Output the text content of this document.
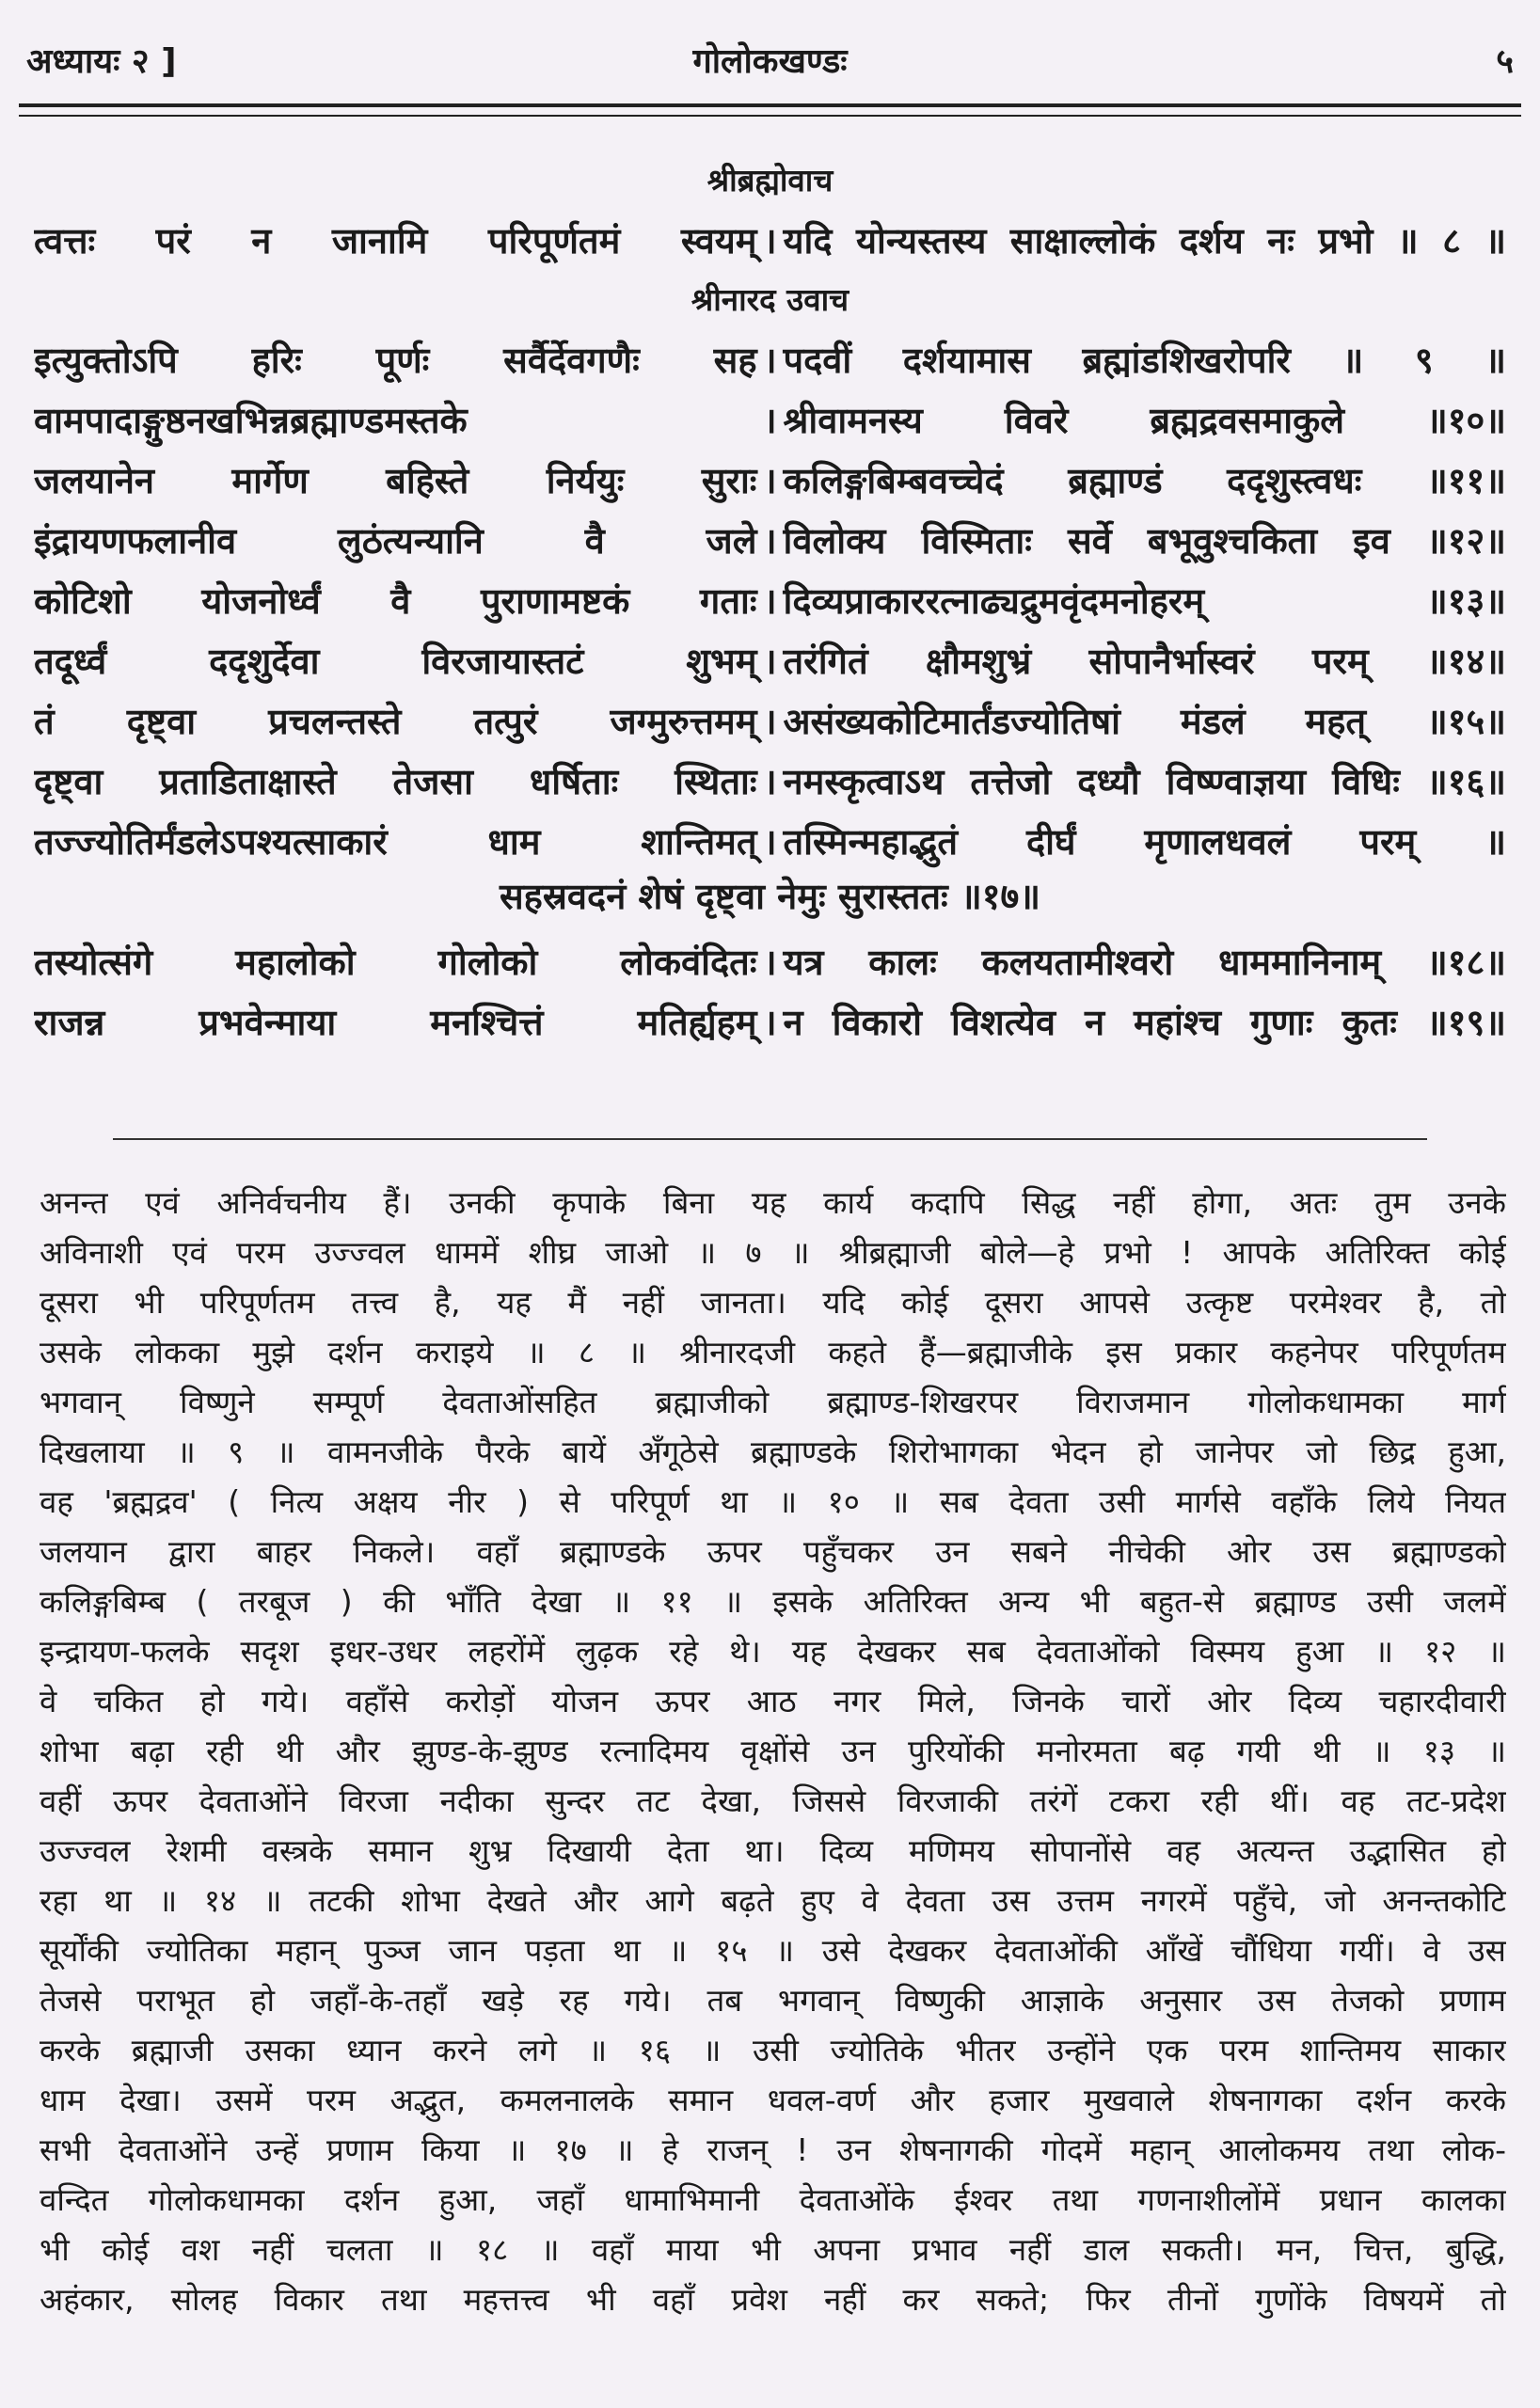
अध्यायः २ ]	गोलोकखण्डः	५
श्रीब्रह्मोवाच
त्वत्तः परं न जानामि परिपूर्णतमं स्वयम् । यदि योन्यस्तस्य साक्षाल्लोकं दर्शय नः प्रभो ॥ ८ ॥
श्रीनारद उवाच
इत्युक्तोऽपि हरिः पूर्णः सर्वैर्देवगणैः सह । पदवीं दर्शयामास ब्रह्मांडशिखरोपरि ॥ ९ ॥
वामपादाङ्गुष्ठनखभिन्नब्रह्माण्डमस्तके	। श्रीवामनस्य विवरे ब्रह्मद्रवसमाकुले ॥१०॥
जलयानेन मार्गेण बहिस्ते निर्ययुः सुराः । कलिङ्गबिम्बवच्चेदं ब्रह्माण्डं ददृशुस्त्वधः ॥११॥
इंद्रायणफलानीव लुठंत्यन्यानि वै जले । विलोक्य विस्मिताः सर्वे बभूवुश्चकिता इव ॥१२॥
कोटिशो योजनोर्ध्वं वै पुराणामष्टकं गताः । दिव्यप्राकाररत्नाढ्यद्रुमवृंदमनोहरम् ॥१३॥
तदूर्ध्वं ददृशुर्देवा विरजायास्तटं शुभम् । तरंगितं क्षौमशुभ्रं सोपानैर्भास्वरं परम् ॥१४॥
तं दृष्ट्वा प्रचलन्तस्ते तत्पुरं जग्मुरुत्तमम् । असंख्यकोटिमार्तंडज्योतिषां मंडलं महत् ॥१५॥
दृष्ट्वा प्रताडिताक्षास्ते तेजसा धर्षिताः स्थिताः । नमस्कृत्वाऽथ तत्तेजो दध्यौ विष्ण्वाज्ञया विधिः ॥१६॥
तज्ज्योतिर्मंडलेऽपश्यत्साकारं धाम शान्तिमत् । तस्मिन्महाद्भुतं दीर्घं मृणालधवलं परम् ॥
सहस्रवदनं शेषं दृष्ट्वा नेमुः सुरास्ततः ॥१७॥
तस्योत्संगे महालोको गोलोको लोकवंदितः । यत्र कालः कलयतामीश्वरो धाममानिनाम् ॥१८॥
राजन्न प्रभवेन्माया मनश्चित्तं मतिर्ह्यहम् । न विकारो विशत्येव न महांश्च गुणाः कुतः ॥१९॥
अनन्त एवं अनिर्वचनीय हैं। उनकी कृपाके बिना यह कार्य कदापि सिद्ध नहीं होगा, अतः तुम उनके
अविनाशी एवं परम उज्ज्वल धाममें शीघ्र जाओ ॥ ७ ॥ श्रीब्रह्माजी बोले—हे प्रभो ! आपके अतिरिक्त कोई
दूसरा भी परिपूर्णतम तत्त्व है, यह मैं नहीं जानता। यदि कोई दूसरा आपसे उत्कृष्ट परमेश्वर है, तो
उसके लोकका मुझे दर्शन कराइये ॥ ८ ॥ श्रीनारदजी कहते हैं—ब्रह्माजीके इस प्रकार कहनेपर परिपूर्णतम
भगवान् विष्णुने सम्पूर्ण देवताओंसहित ब्रह्माजीको ब्रह्माण्ड-शिखरपर विराजमान गोलोकधामका मार्ग
दिखलाया ॥ ९ ॥ वामनजीके पैरके बायें अँगूठेसे ब्रह्माण्डके शिरोभागका भेदन हो जानेपर जो छिद्र हुआ,
वह 'ब्रह्मद्रव' ( नित्य अक्षय नीर ) से परिपूर्ण था ॥ १० ॥ सब देवता उसी मार्गसे वहाँके लिये नियत
जलयान द्वारा बाहर निकले। वहाँ ब्रह्माण्डके ऊपर पहुँचकर उन सबने नीचेकी ओर उस ब्रह्माण्डको
कलिङ्गबिम्ब ( तरबूज ) की भाँति देखा ॥ ११ ॥ इसके अतिरिक्त अन्य भी बहुत-से ब्रह्माण्ड उसी जलमें
इन्द्रायण-फलके सदृश इधर-उधर लहरोंमें लुढ़क रहे थे। यह देखकर सब देवताओंको विस्मय हुआ ॥ १२ ॥
वे चकित हो गये। वहाँसे करोड़ों योजन ऊपर आठ नगर मिले, जिनके चारों ओर दिव्य चहारदीवारी
शोभा बढ़ा रही थी और झुण्ड-के-झुण्ड रत्नादिमय वृक्षोंसे उन पुरियोंकी मनोरमता बढ़ गयी थी ॥ १३ ॥
वहीं ऊपर देवताओंने विरजा नदीका सुन्दर तट देखा, जिससे विरजाकी तरंगें टकरा रही थीं। वह तट-प्रदेश
उज्ज्वल रेशमी वस्त्रके समान शुभ्र दिखायी देता था। दिव्य मणिमय सोपानोंसे वह अत्यन्त उद्भासित हो
रहा था ॥ १४ ॥ तटकी शोभा देखते और आगे बढ़ते हुए वे देवता उस उत्तम नगरमें पहुँचे, जो अनन्तकोटि
सूर्योंकी ज्योतिका महान् पुञ्ज जान पड़ता था ॥ १५ ॥ उसे देखकर देवताओंकी आँखें चौंधिया गयीं। वे उस
तेजसे पराभूत हो जहाँ-के-तहाँ खड़े रह गये। तब भगवान् विष्णुकी आज्ञाके अनुसार उस तेजको प्रणाम
करके ब्रह्माजी उसका ध्यान करने लगे ॥ १६ ॥ उसी ज्योतिके भीतर उन्होंने एक परम शान्तिमय साकार
धाम देखा। उसमें परम अद्भुत, कमलनालके समान धवल-वर्ण और हजार मुखवाले शेषनागका दर्शन करके
सभी देवताओंने उन्हें प्रणाम किया ॥ १७ ॥ हे राजन् ! उन शेषनागकी गोदमें महान् आलोकमय तथा लोक-
वन्दित गोलोकधामका दर्शन हुआ, जहाँ धामाभिमानी देवताओंके ईश्वर तथा गणनाशीलोंमें प्रधान कालका
भी कोई वश नहीं चलता ॥ १८ ॥ वहाँ माया भी अपना प्रभाव नहीं डाल सकती। मन, चित्त, बुद्धि,
अहंकार, सोलह विकार तथा महत्तत्त्व भी वहाँ प्रवेश नहीं कर सकते; फिर तीनों गुणोंके विषयमें तो
